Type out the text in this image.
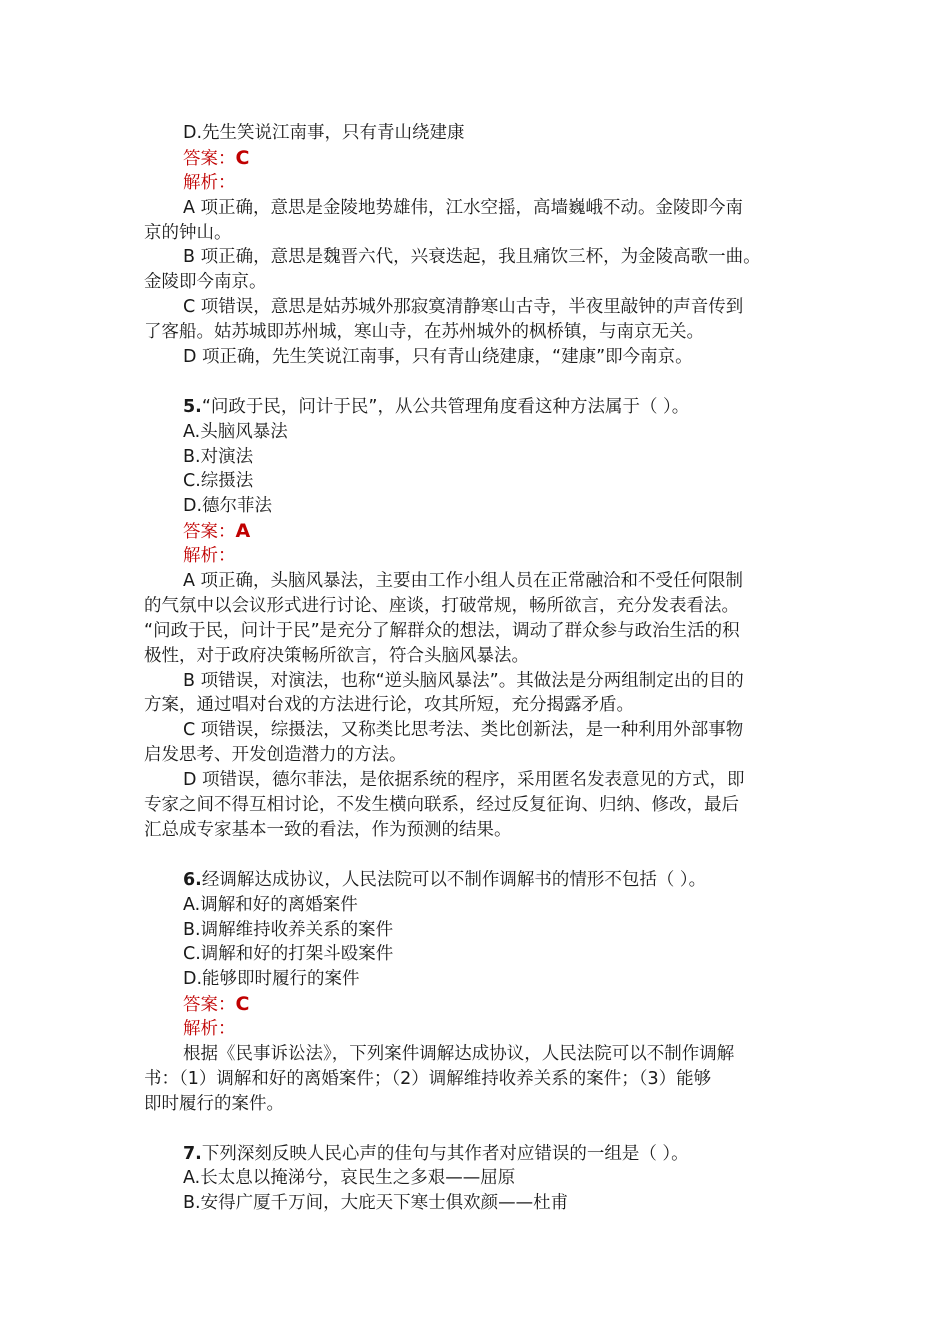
D.先生笑说江南事，只有青山绕建康
答案：C
解析：
A 项正确，意思是金陵地势雄伟，江水空摇，高墙巍峨不动。金陵即今南
京的钟山。
B 项正确，意思是魏晋六代，兴衰迭起，我且痛饮三杯，为金陵高歌一曲。
金陵即今南京。
C 项错误，意思是姑苏城外那寂寞清静寒山古寺，半夜里敲钟的声音传到
了客船。姑苏城即苏州城，寒山寺，在苏州城外的枫桥镇，与南京无关。
D 项正确，先生笑说江南事，只有青山绕建康，“建康”即今南京。
5.“问政于民，问计于民”，从公共管理角度看这种方法属于（ ）。
A.头脑风暴法
B.对演法
C.综摄法
D.德尔菲法
答案：A
解析：
A 项正确，头脑风暴法，主要由工作小组人员在正常融洽和不受任何限制
的气氛中以会议形式进行讨论、座谈，打破常规，畅所欲言，充分发表看法。
“问政于民，问计于民”是充分了解群众的想法，调动了群众参与政治生活的积
极性，对于政府决策畅所欲言，符合头脑风暴法。
B 项错误，对演法，也称“逆头脑风暴法”。其做法是分两组制定出的目的
方案，通过唱对台戏的方法进行论，攻其所短，充分揭露矛盾。
C 项错误，综摄法，又称类比思考法、类比创新法，是一种利用外部事物
启发思考、开发创造潜力的方法。
D 项错误，德尔菲法，是依据系统的程序，采用匿名发表意见的方式，即
专家之间不得互相讨论，不发生横向联系，经过反复征询、归纳、修改，最后
汇总成专家基本一致的看法，作为预测的结果。
6.经调解达成协议，人民法院可以不制作调解书的情形不包括（ ）。
A.调解和好的离婚案件
B.调解维持收养关系的案件
C.调解和好的打架斗殴案件
D.能够即时履行的案件
答案：C
解析：
根据《民事诉讼法》，下列案件调解达成协议，人民法院可以不制作调解
书：（1）调解和好的离婚案件；（2）调解维持收养关系的案件；（3）能够
即时履行的案件。
7.下列深刻反映人民心声的佳句与其作者对应错误的一组是（ ）。
A.长太息以掩涕兮，哀民生之多艰——屈原
B.安得广厦千万间，大庇天下寒士俱欢颜——杜甫
